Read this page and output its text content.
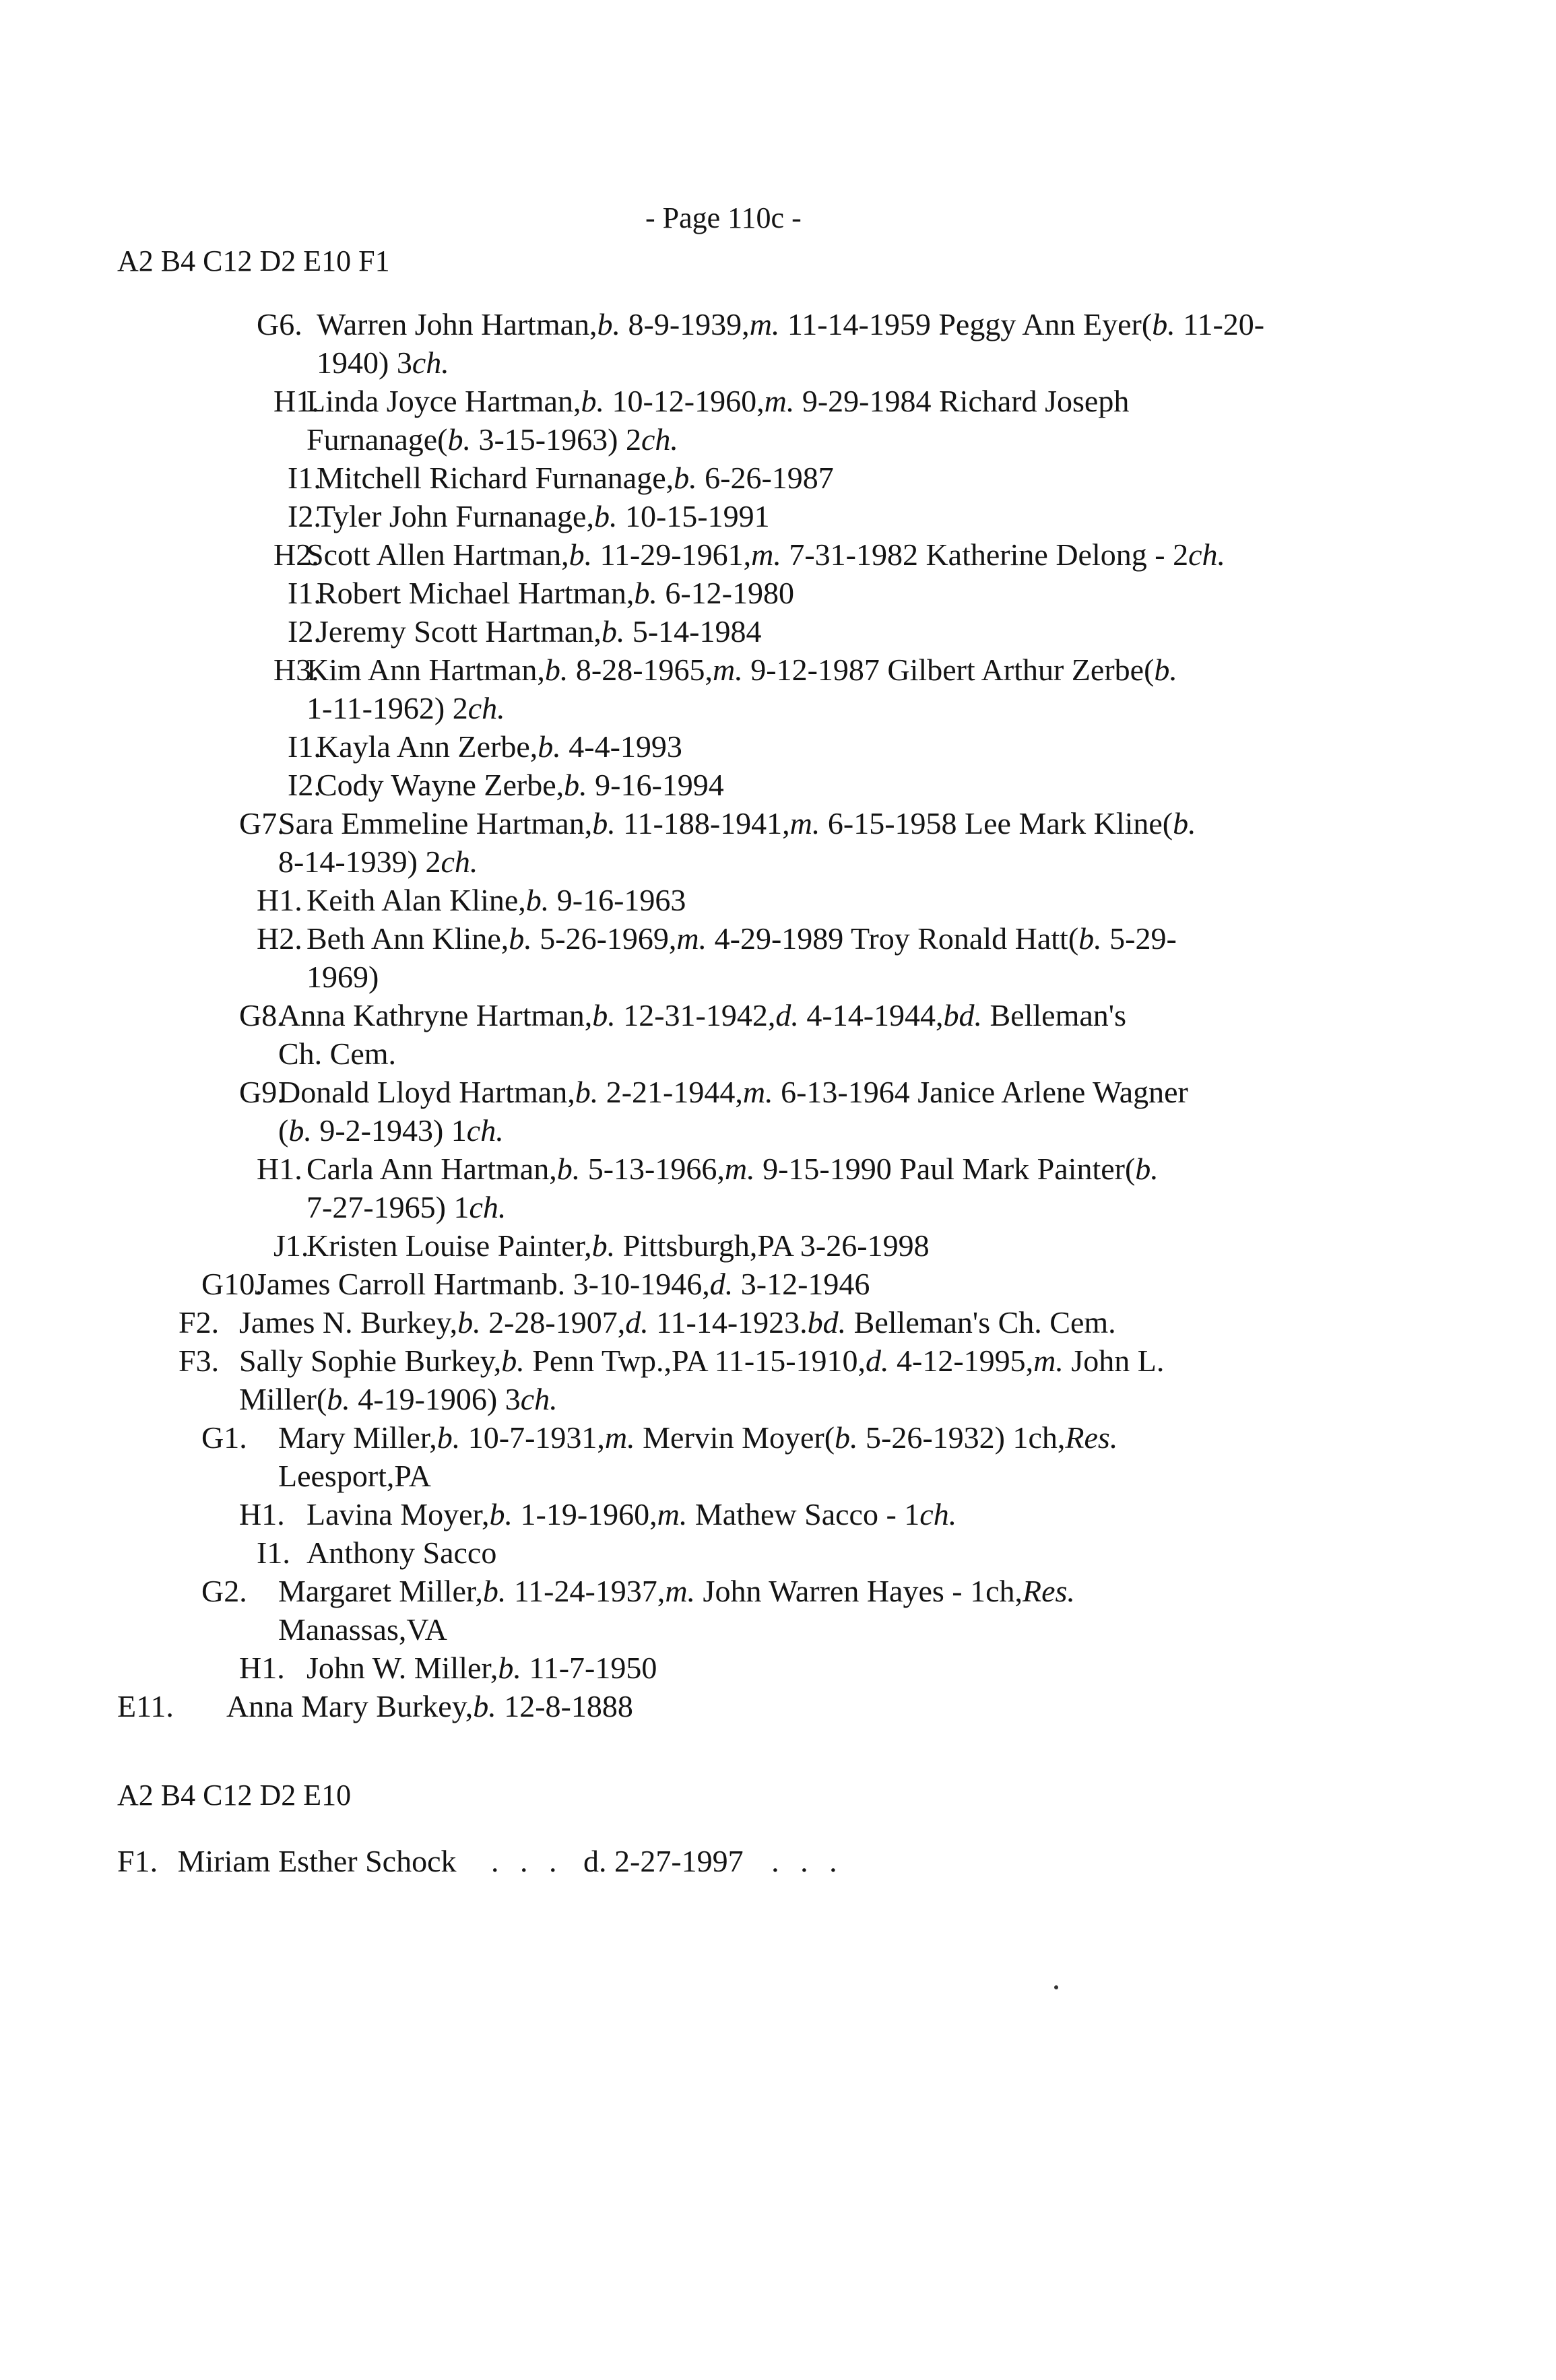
- Page 110c -
A2 B4 C12 D2 E10 F1
G6. Warren John Hartman,b. 8-9-1939,m. 11-14-1959 Peggy Ann Eyer(b. 11-20-
1940) 3ch.
H1.
Linda Joyce Hartman,b. 10-12-1960,m. 9-29-1984 Richard Joseph
Furnanage(b. 3-15-1963) 2ch.
I1.
Mitchell Richard Furnanage,b. 6-26-1987
I2.
Tyler John Furnanage,b. 10-15-1991
H2.
Scott Allen Hartman,b. 11-29-1961,m. 7-31-1982 Katherine Delong - 2ch.
I1.
Robert Michael Hartman,b. 6-12-1980
I2.
Jeremy Scott Hartman,b. 5-14-1984
H3.
Kim Ann Hartman,b. 8-28-1965,m. 9-12-1987 Gilbert Arthur Zerbe(b.
1-11-1962) 2ch.
I1.
Kayla Ann Zerbe,b. 4-4-1993
I2.
Cody Wayne Zerbe,b. 9-16-1994
G7.
Sara Emmeline Hartman,b. 11-188-1941,m. 6-15-1958 Lee Mark Kline(b.
8-14-1939) 2ch.
H1. Keith Alan Kline,b. 9-16-1963
H2. Beth Ann Kline,b. 5-26-1969,m. 4-29-1989 Troy Ronald Hatt(b. 5-29-
1969)
G8.
Anna Kathryne Hartman,b. 12-31-1942,d. 4-14-1944,bd. Belleman's
Ch. Cem.
G9.
Donald Lloyd Hartman,b. 2-21-1944,m. 6-13-1964 Janice Arlene Wagner
(b. 9-2-1943) 1ch.
H1. Carla Ann Hartman,b. 5-13-1966,m. 9-15-1990 Paul Mark Painter(b.
7-27-1965) 1ch.
J1.
Kristen Louise Painter,b. Pittsburgh,PA 3-26-1998
G10.
James Carroll Hartmanb. 3-10-1946,d. 3-12-1946
F2. James N. Burkey,b. 2-28-1907,d. 11-14-1923.bd. Belleman's Ch. Cem.
F3. Sally Sophie Burkey,b. Penn Twp.,PA 11-15-1910,d. 4-12-1995,m. John L.
Miller(b. 4-19-1906) 3ch.
G1. Mary Miller,b. 10-7-1931,m. Mervin Moyer(b. 5-26-1932) 1ch,Res.
Leesport,PA
H1. Lavina Moyer,b. 1-19-1960,m. Mathew Sacco - 1ch.
I1. Anthony Sacco
G2. Margaret Miller,b. 11-24-1937,m. John Warren Hayes - 1ch,Res.
Manassas,VA
H1. John W. Miller,b. 11-7-1950
E11. Anna Mary Burkey,b. 12-8-1888
A2 B4 C12 D2 E10
F1. Miriam Esther Schock . . . d. 2-27-1997 . . .
